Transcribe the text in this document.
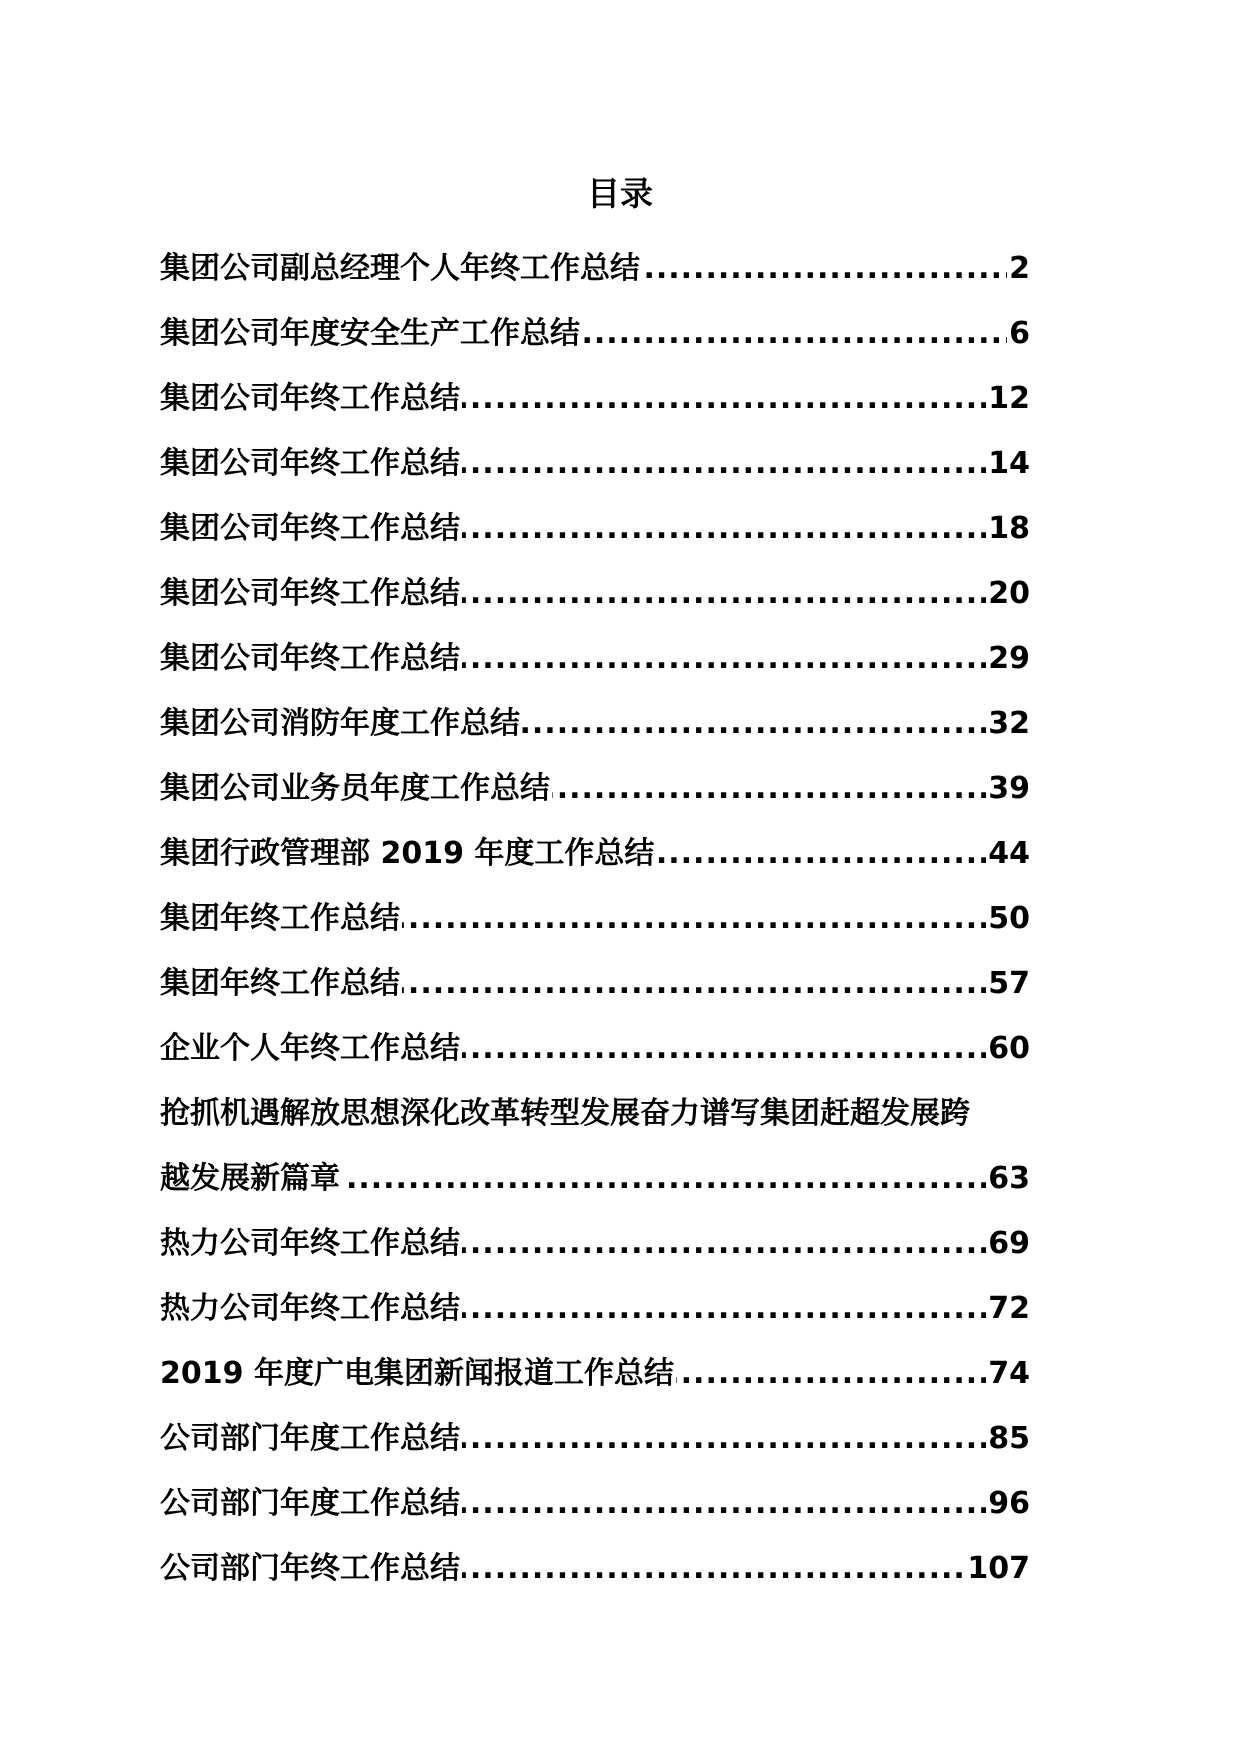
目录
.....
集团公司副总经理个人年终工作总结	2
.....
集团公司年度安全生产工作总结	6
.....
集团公司年终工作总结	12
.....
集团公司年终工作总结	14
.....
集团公司年终工作总结	18
.....
集团公司年终工作总结	20
.....
集团公司年终工作总结	29
.....
集团公司消防年度工作总结	32
.....
集团公司业务员年度工作总结	39
.....
集团行政管理部 2019 年度工作总结	44
.....
集团年终工作总结	50
.....
集团年终工作总结	57
.....
企业个人年终工作总结	60
抢抓机遇解放思想深化改革转型发展奋力谱写集团赶超发展跨
.....
越发展新篇章	63
.....
热力公司年终工作总结	69
.....
热力公司年终工作总结	72
.....
2019 年度广电集团新闻报道工作总结	74
.....
公司部门年度工作总结	85
.....
公司部门年度工作总结	96
.....
公司部门年终工作总结	107
